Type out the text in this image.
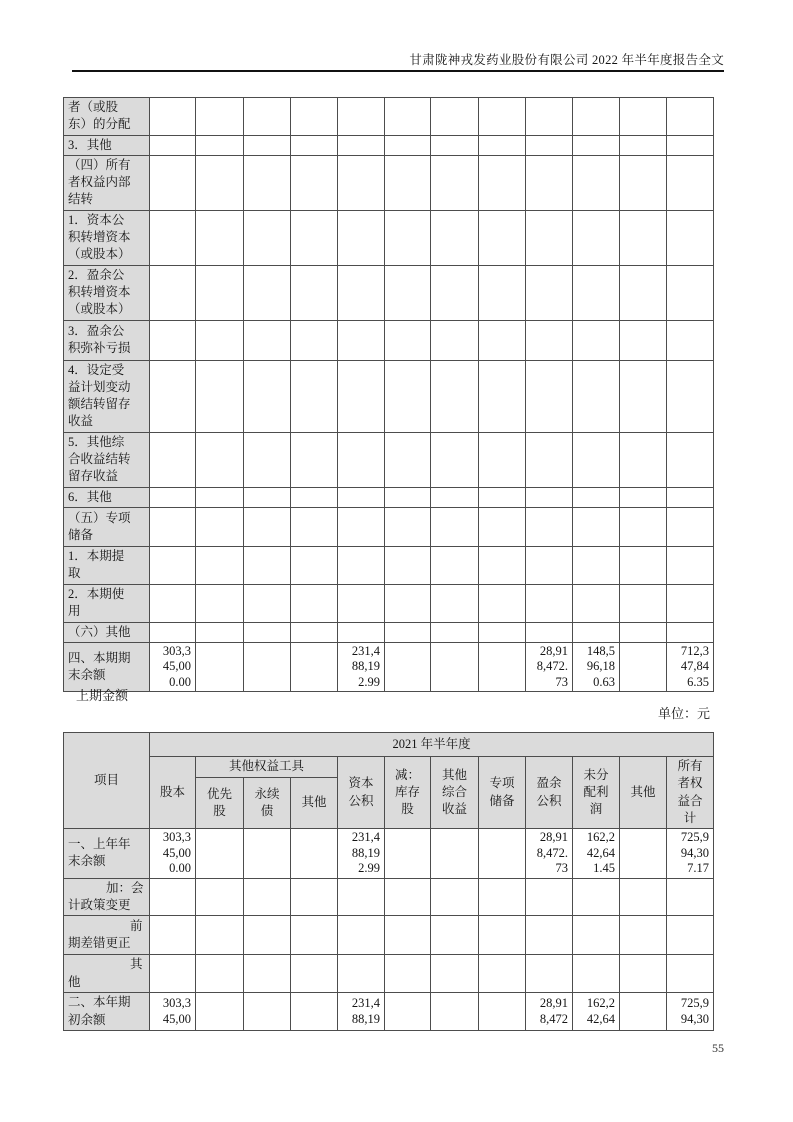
甘肃陇神戎发药业股份有限公司 2022 年半年度报告全文
者（或股东）的分配												
3．其他												
（四）所有者权益内部结转												
1．资本公积转增资本（或股本）												
2．盈余公积转增资本（或股本）												
3．盈余公积弥补亏损												
4．设定受益计划变动额结转留存收益												
5．其他综合收益结转留存收益												
6．其他												
（五）专项储备												
1．本期提取												
2．本期使用												
（六）其他												
四、本期期末余额	303,345,000.00				231,488,192.99				28,918,472.73	148,596,180.63		712,347,846.35
上期金额
单位：元
项目	2021 年半年度											
	股本	其他权益工具			资本公积	减：库存股	其他综合收益	专项储备	盈余公积	未分配利润	其他	所有者权益合计
		优先股	永续债	其他								
一、上年年末余额	303,345,000.00				231,488,192.99				28,918,472.73	162,242,641.45		725,994,307.17
加：会计政策变更												
前期差错更正												
其他												
二、本年期初余额	303,345,00				231,488,19				28,918,472	162,242,64		725,994,30
55
